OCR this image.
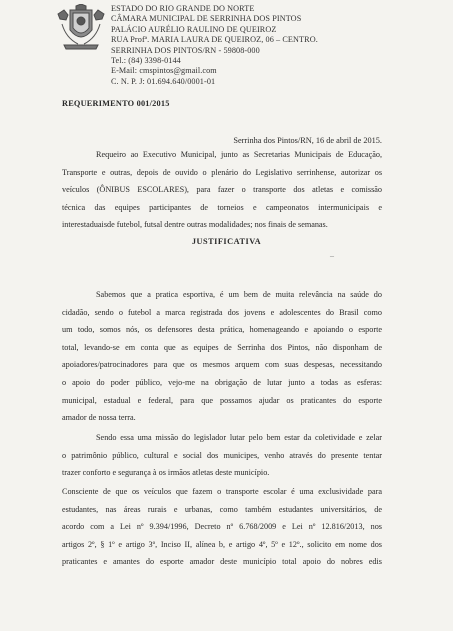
ESTADO DO RIO GRANDE DO NORTE
CÂMARA MUNICIPAL DE SERRINHA DOS PINTOS
PALÁCIO AURÉLIO RAULINO DE QUEIROZ
RUA Profª. MARIA LAURA DE QUEIROZ, 06 – CENTRO.
SERRINHA DOS PINTOS/RN - 59808-000
Tel.: (84) 3398-0144
E-Mail: cmspintos@gmail.com
C. N. P. J: 01.694.640/0001-01
REQUERIMENTO 001/2015
Serrinha dos Pintos/RN, 16 de abril de 2015.
Requeiro ao Executivo Municipal, junto as Secretarias Municipais de Educação,
Transporte e outras, depois de ouvido o plenário do Legislativo serrinhense, autorizar os
veículos (ÔNIBUS ESCOLARES), para fazer o transporte dos atletas e comissão
técnica das equipes participantes de torneios e campeonatos intermunicipais e
interestaduaisde futebol, futsal dentre outras modalidades; nos finais de semanas.
JUSTIFICATIVA
–
Sabemos que a pratica esportiva, é um bem de muita relevância na saúde do
cidadão, sendo o futebol a marca registrada dos jovens e adolescentes do Brasil como
um todo, somos nós, os defensores desta prática, homenageando e apoiando o esporte
total, levando-se em conta que as equipes de Serrinha dos Pintos, não disponham de
apoiadores/patrocinadores para que os mesmos arquem com suas despesas, necessitando
o apoio do poder público, vejo-me na obrigação de lutar junto a todas as esferas:
municipal, estadual e federal, para que possamos ajudar os praticantes do esporte
amador de nossa terra.
Sendo essa uma missão do legislador lutar pelo bem estar da coletividade e zelar
o patrimônio público, cultural e social dos municipes, venho através do presente tentar
trazer conforto e segurança à os irmãos atletas deste município.
Consciente de que os veículos que fazem o transporte escolar é uma exclusividade para
estudantes, nas áreas rurais e urbanas, como também estudantes universitários, de
acordo com a Lei nº 9.394/1996, Decreto nº 6.768/2009 e Lei nº 12.816/2013, nos
artigos 2º, § 1º e artigo 3º, Inciso II, alínea b, e artigo 4º, 5º e 12º., solicito em nome dos
praticantes e amantes do esporte amador deste município total apoio do nobres edis
